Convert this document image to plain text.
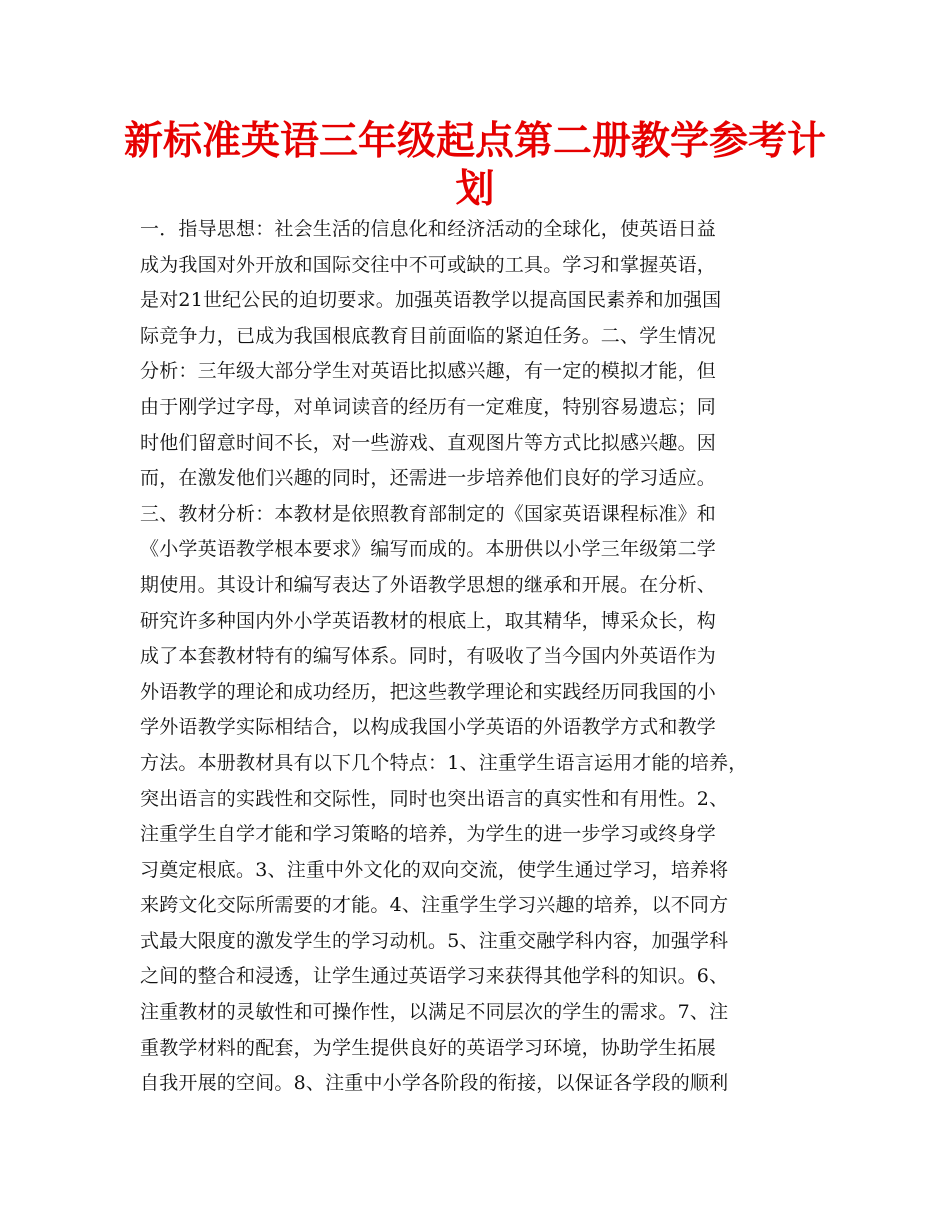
新标准英语三年级起点第二册教学参考计划
一．指导思想：社会生活的信息化和经济活动的全球化，使英语日益
成为我国对外开放和国际交往中不可或缺的工具。学习和掌握英语，
是对21世纪公民的迫切要求。加强英语教学以提高国民素养和加强国
际竞争力，已成为我国根底教育目前面临的紧迫任务。二、学生情况
分析：三年级大部分学生对英语比拟感兴趣，有一定的模拟才能，但
由于刚学过字母，对单词读音的经历有一定难度，特别容易遗忘；同
时他们留意时间不长，对一些游戏、直观图片等方式比拟感兴趣。因
而，在激发他们兴趣的同时，还需进一步培养他们良好的学习适应。
三、教材分析：本教材是依照教育部制定的《国家英语课程标准》和
《小学英语教学根本要求》编写而成的。本册供以小学三年级第二学
期使用。其设计和编写表达了外语教学思想的继承和开展。在分析、
研究许多种国内外小学英语教材的根底上，取其精华，博采众长，构
成了本套教材特有的编写体系。同时，有吸收了当今国内外英语作为
外语教学的理论和成功经历，把这些教学理论和实践经历同我国的小
学外语教学实际相结合，以构成我国小学英语的外语教学方式和教学
方法。本册教材具有以下几个特点：1、注重学生语言运用才能的培养，
突出语言的实践性和交际性，同时也突出语言的真实性和有用性。2、
注重学生自学才能和学习策略的培养，为学生的进一步学习或终身学
习奠定根底。3、注重中外文化的双向交流，使学生通过学习，培养将
来跨文化交际所需要的才能。4、注重学生学习兴趣的培养，以不同方
式最大限度的激发学生的学习动机。5、注重交融学科内容，加强学科
之间的整合和浸透，让学生通过英语学习来获得其他学科的知识。6、
注重教材的灵敏性和可操作性，以满足不同层次的学生的需求。7、注
重教学材料的配套，为学生提供良好的英语学习环境，协助学生拓展
自我开展的空间。8、注重中小学各阶段的衔接，以保证各学段的顺利
